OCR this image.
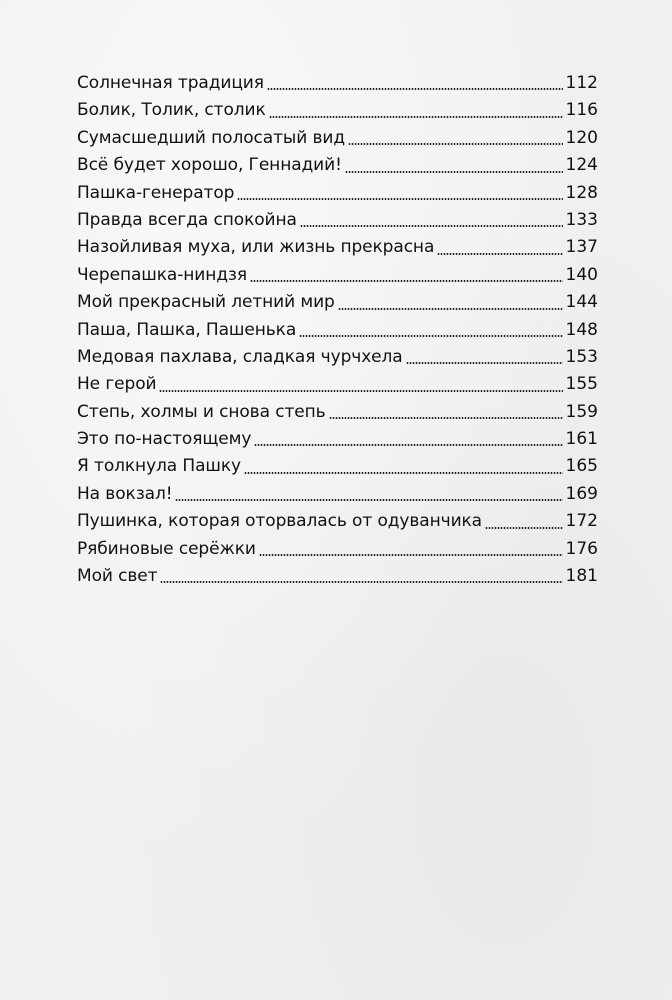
Солнечная традиция	112
Болик, Толик, столик	116
Сумасшедший полосатый вид	120
Всё будет хорошо, Геннадий!	124
Пашка-генератор	128
Правда всегда спокойна	133
Назойливая муха, или жизнь прекрасна	137
Черепашка-ниндзя	140
Мой прекрасный летний мир	144
Паша, Пашка, Пашенька	148
Медовая пахлава, сладкая чурчхела	153
Не герой	155
Степь, холмы и снова степь	159
Это по-настоящему	161
Я толкнула Пашку	165
На вокзал!	169
Пушинка, которая оторвалась от одуванчика	172
Рябиновые серёжки	176
Мой свет	181
